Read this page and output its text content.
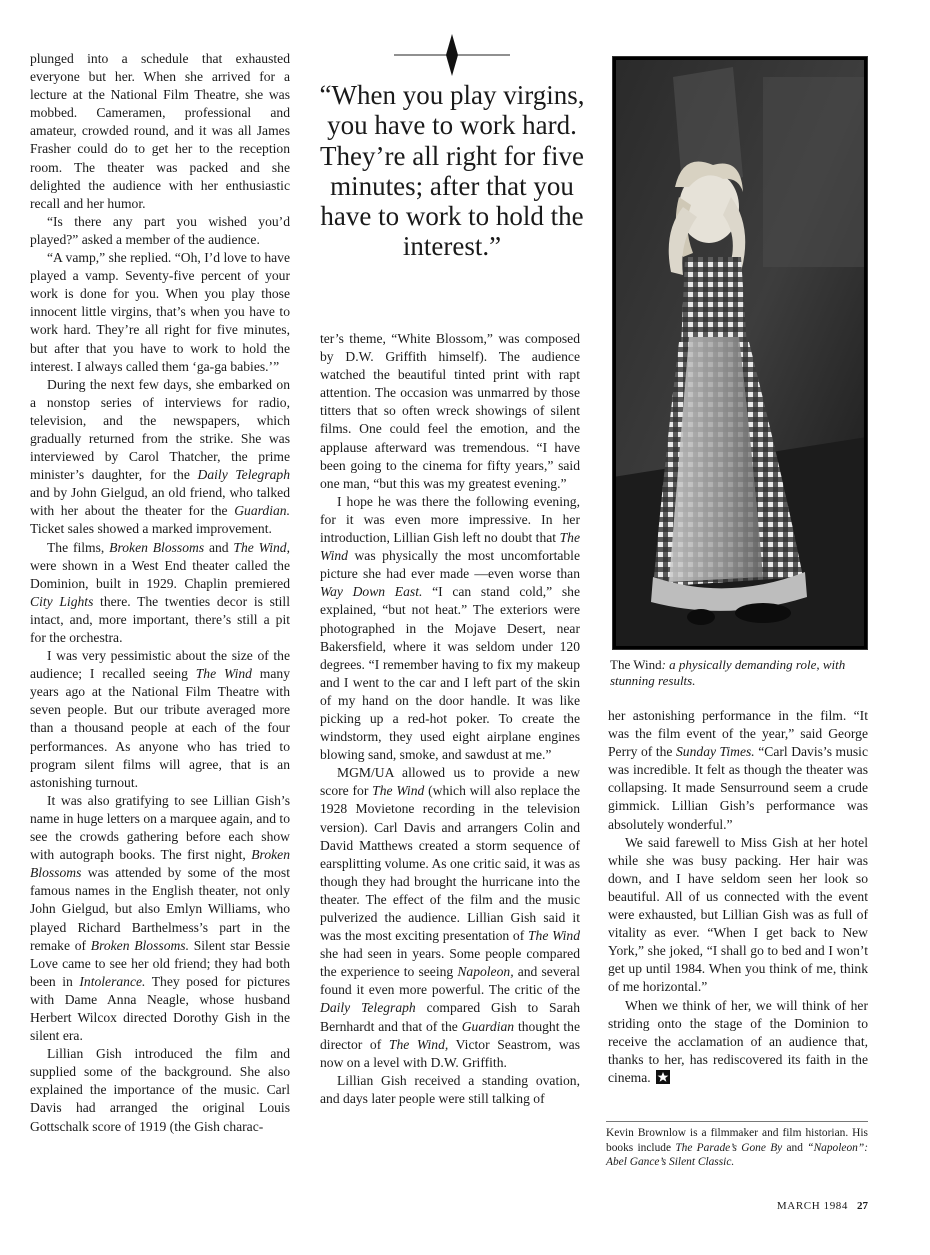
plunged into a schedule that exhausted everyone but her. When she arrived for a lecture at the National Film Theatre, she was mobbed. Cameramen, professional and amateur, crowded round, and it was all James Frasher could do to get her to the reception room. The theater was packed and she delighted the audience with her enthusiastic recall and her humor.

“Is there any part you wished you’d played?” asked a member of the audience.

“A vamp,” she replied. “Oh, I’d love to have played a vamp. Seventy-five percent of your work is done for you. When you play those innocent little virgins, that’s when you have to work hard. They’re all right for five minutes, but after that you have to work to hold the interest. I always called them ‘ga-ga babies.’”

During the next few days, she embarked on a nonstop series of interviews for radio, television, and the newspapers, which gradually returned from the strike. She was interviewed by Carol Thatcher, the prime minister’s daughter, for the Daily Telegraph and by John Gielgud, an old friend, who talked with her about the theater for the Guardian. Ticket sales showed a marked improvement.

The films, Broken Blossoms and The Wind, were shown in a West End theater called the Dominion, built in 1929. Chaplin premiered City Lights there. The twenties decor is still intact, and, more important, there’s still a pit for the orchestra.

I was very pessimistic about the size of the audience; I recalled seeing The Wind many years ago at the National Film Theatre with seven people. But our tribute averaged more than a thousand people at each of the four performances. As anyone who has tried to program silent films will agree, that is an astonishing turnout.

It was also gratifying to see Lillian Gish’s name in huge letters on a marquee again, and to see the crowds gathering before each show with autograph books. The first night, Broken Blossoms was attended by some of the most famous names in the English theater, not only John Gielgud, but also Emlyn Williams, who played Richard Barthelmess’s part in the remake of Broken Blossoms. Silent star Bessie Love came to see her old friend; they had both been in Intolerance. They posed for pictures with Dame Anna Neagle, whose husband Herbert Wilcox directed Dorothy Gish in the silent era.

Lillian Gish introduced the film and supplied some of the background. She also explained the importance of the music. Carl Davis had arranged the original Louis Gottschalk score of 1919 (the Gish charac-

“When you play virgins, you have to work hard. They’re all right for five minutes; after that you have to work to hold the interest.”

ter’s theme, “White Blossom,” was composed by D.W. Griffith himself). The audience watched the beautiful tinted print with rapt attention. The occasion was unmarred by those titters that so often wreck showings of silent films. One could feel the emotion, and the applause afterward was tremendous. “I have been going to the cinema for fifty years,” said one man, “but this was my greatest evening.”

I hope he was there the following evening, for it was even more impressive. In her introduction, Lillian Gish left no doubt that The Wind was physically the most uncomfortable picture she had ever made —even worse than Way Down East. “I can stand cold,” she explained, “but not heat.” The exteriors were photographed in the Mojave Desert, near Bakersfield, where it was seldom under 120 degrees. “I remember having to fix my makeup and I went to the car and I left part of the skin of my hand on the door handle. It was like picking up a red-hot poker. To create the windstorm, they used eight airplane engines blowing sand, smoke, and sawdust at me.”

MGM/UA allowed us to provide a new score for The Wind (which will also replace the 1928 Movietone recording in the television version). Carl Davis and arrangers Colin and David Matthews created a storm sequence of earsplitting volume. As one critic said, it was as though they had brought the hurricane into the theater. The effect of the film and the music pulverized the audience. Lillian Gish said it was the most exciting presentation of The Wind she had seen in years. Some people compared the experience to seeing Napoleon, and several found it even more powerful. The critic of the Daily Telegraph compared Gish to Sarah Bernhardt and that of the Guardian thought the director of The Wind, Victor Seastrom, was now on a level with D.W. Griffith.

Lillian Gish received a standing ovation, and days later people were still talking of

The Wind: a physically demanding role, with stunning results.

her astonishing performance in the film. “It was the film event of the year,” said George Perry of the Sunday Times. “Carl Davis’s music was incredible. It felt as though the theater was collapsing. It made Sensurround seem a crude gimmick. Lillian Gish’s performance was absolutely wonderful.”

We said farewell to Miss Gish at her hotel while she was busy packing. Her hair was down, and I have seldom seen her look so beautiful. All of us connected with the event were exhausted, but Lillian Gish was as full of vitality as ever. “When I get back to New York,” she joked, “I shall go to bed and I won’t get up until 1984. When you think of me, think of me horizontal.”

When we think of her, we will think of her striding onto the stage of the Dominion to receive the acclamation of an audience that, thanks to her, has rediscovered its faith in the cinema.

Kevin Brownlow is a filmmaker and film historian. His books include The Parade’s Gone By and “Napoleon”: Abel Gance’s Silent Classic.
MARCH 1984 27
